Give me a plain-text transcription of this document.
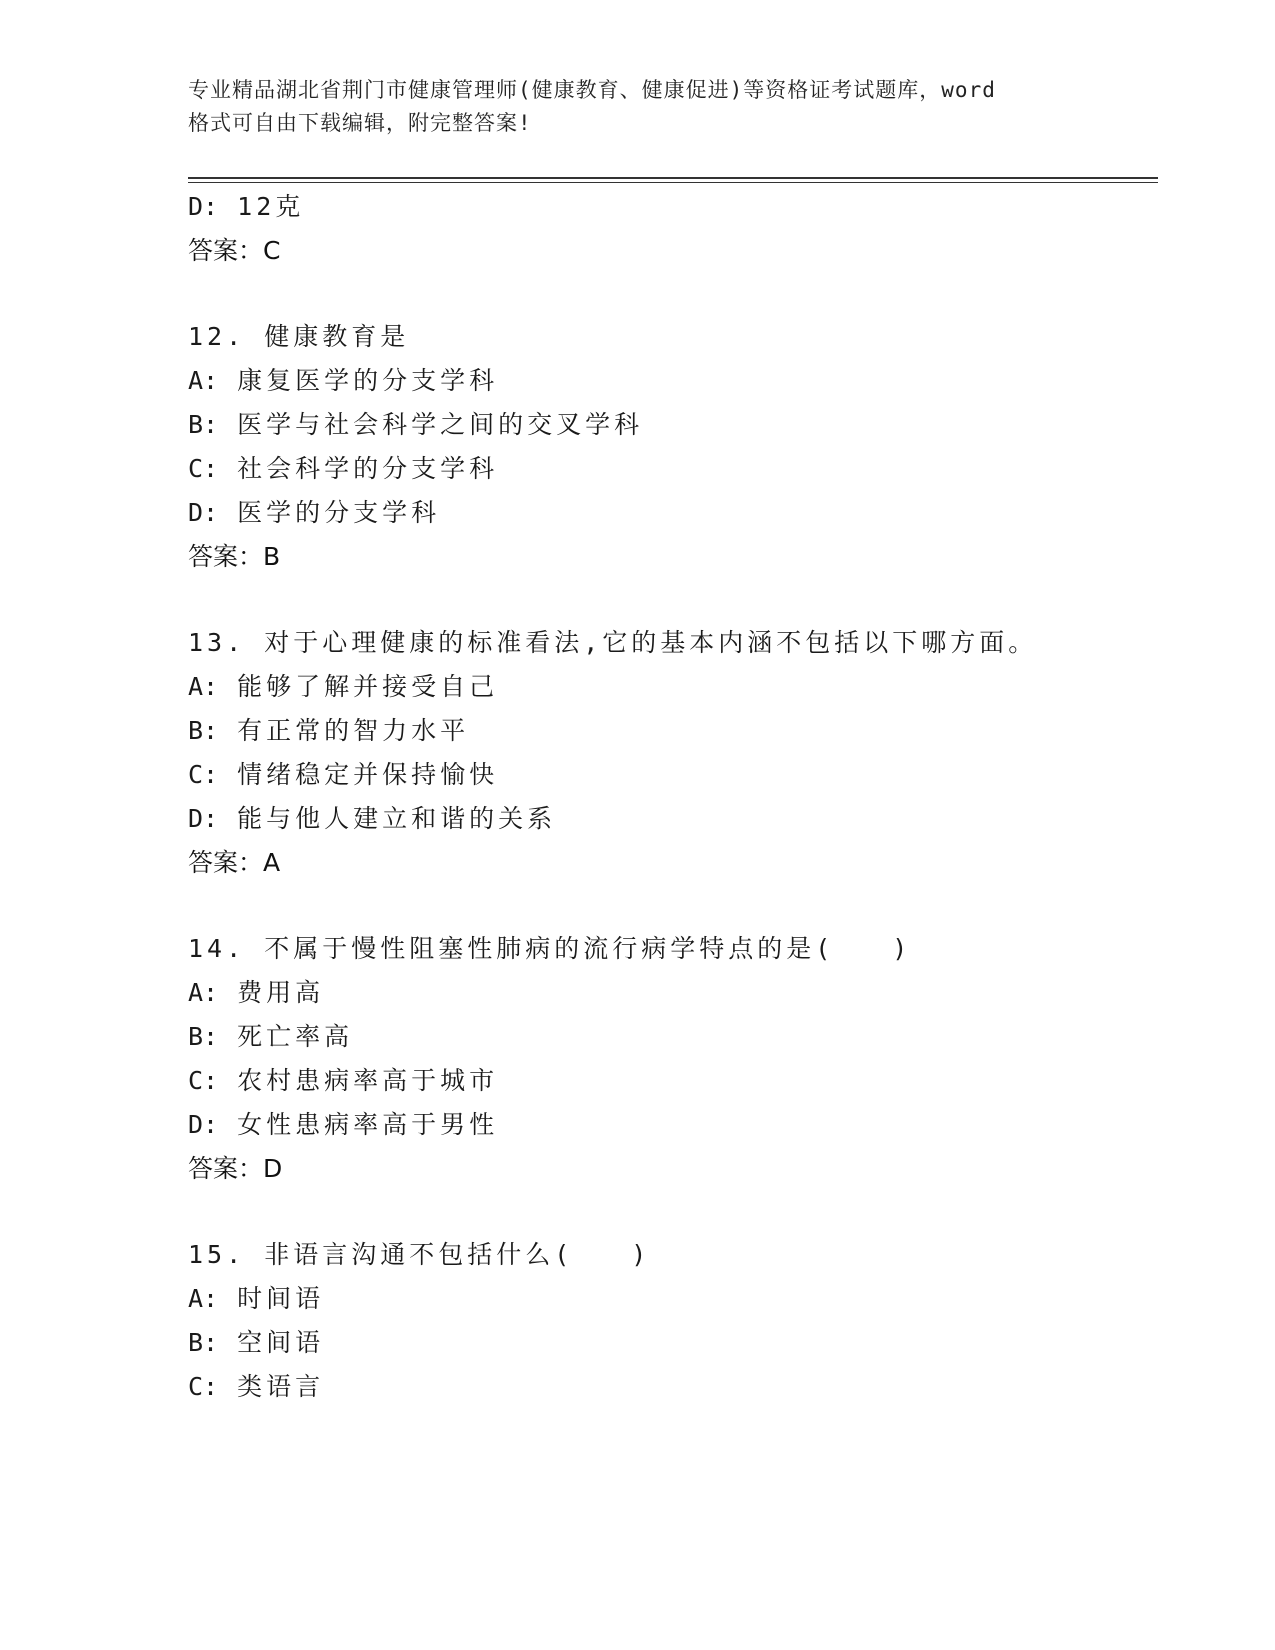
专业精品湖北省荆门市健康管理师(健康教育、健康促进)等资格证考试题库，word
格式可自由下载编辑，附完整答案!
D: 12克
答案：C
12. 健康教育是
A: 康复医学的分支学科
B: 医学与社会科学之间的交叉学科
C: 社会科学的分支学科
D: 医学的分支学科
答案：B
13. 对于心理健康的标准看法,它的基本内涵不包括以下哪方面。
A: 能够了解并接受自己
B: 有正常的智力水平
C: 情绪稳定并保持愉快
D: 能与他人建立和谐的关系
答案：A
14. 不属于慢性阻塞性肺病的流行病学特点的是(　　)
A: 费用高
B: 死亡率高
C: 农村患病率高于城市
D: 女性患病率高于男性
答案：D
15. 非语言沟通不包括什么(　　)
A: 时间语
B: 空间语
C: 类语言
